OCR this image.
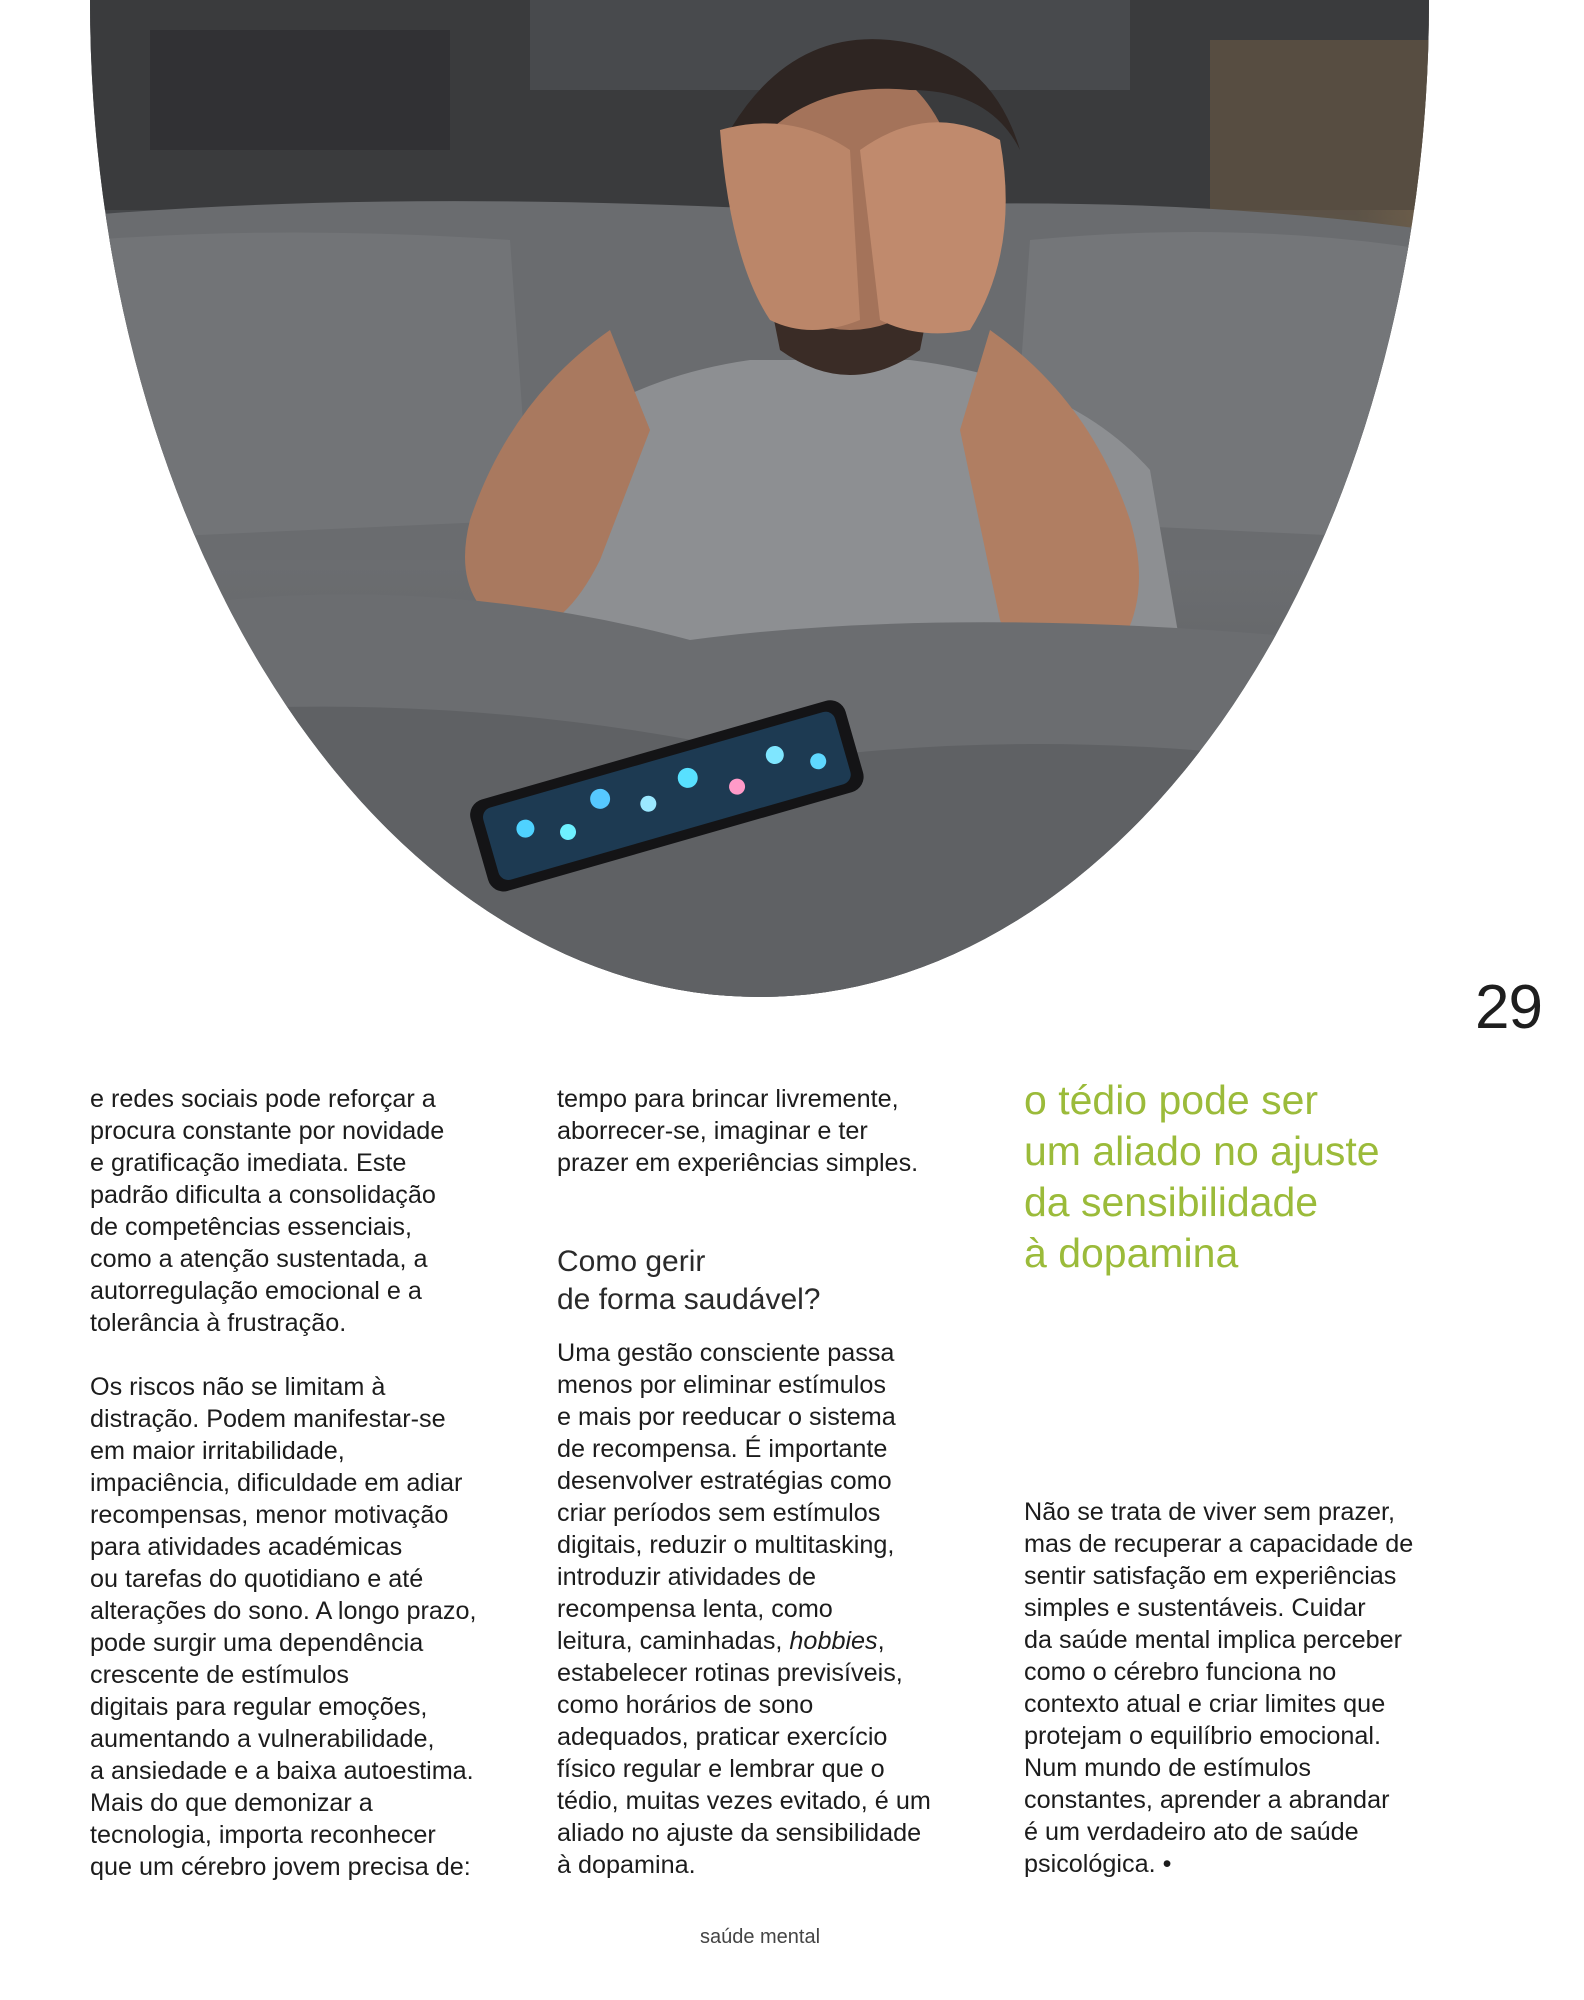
29

e redes sociais pode reforçar a
procura constante por novidade
e gratificação imediata. Este
padrão dificulta a consolidação
de competências essenciais,
como a atenção sustentada, a
autorregulação emocional e a
tolerância à frustração.

Os riscos não se limitam à
distração. Podem manifestar-se
em maior irritabilidade,
impaciência, dificuldade em adiar
recompensas, menor motivação
para atividades académicas
ou tarefas do quotidiano e até
alterações do sono. A longo prazo,
pode surgir uma dependência
crescente de estímulos
digitais para regular emoções,
aumentando a vulnerabilidade,
a ansiedade e a baixa autoestima.
Mais do que demonizar a
tecnologia, importa reconhecer
que um cérebro jovem precisa de:

tempo para brincar livremente,
aborrecer-se, imaginar e ter
prazer em experiências simples.

Como gerir
de forma saudável?

Uma gestão consciente passa
menos por eliminar estímulos
e mais por reeducar o sistema
de recompensa. É importante
desenvolver estratégias como
criar períodos sem estímulos
digitais, reduzir o multitasking,
introduzir atividades de
recompensa lenta, como
leitura, caminhadas, hobbies,
estabelecer rotinas previsíveis,
como horários de sono
adequados, praticar exercício
físico regular e lembrar que o
tédio, muitas vezes evitado, é um
aliado no ajuste da sensibilidade
à dopamina.

o tédio pode ser
um aliado no ajuste
da sensibilidade
à dopamina

Não se trata de viver sem prazer,
mas de recuperar a capacidade de
sentir satisfação em experiências
simples e sustentáveis. Cuidar
da saúde mental implica perceber
como o cérebro funciona no
contexto atual e criar limites que
protejam o equilíbrio emocional.
Num mundo de estímulos
constantes, aprender a abrandar
é um verdadeiro ato de saúde
psicológica. •

saúde mental
